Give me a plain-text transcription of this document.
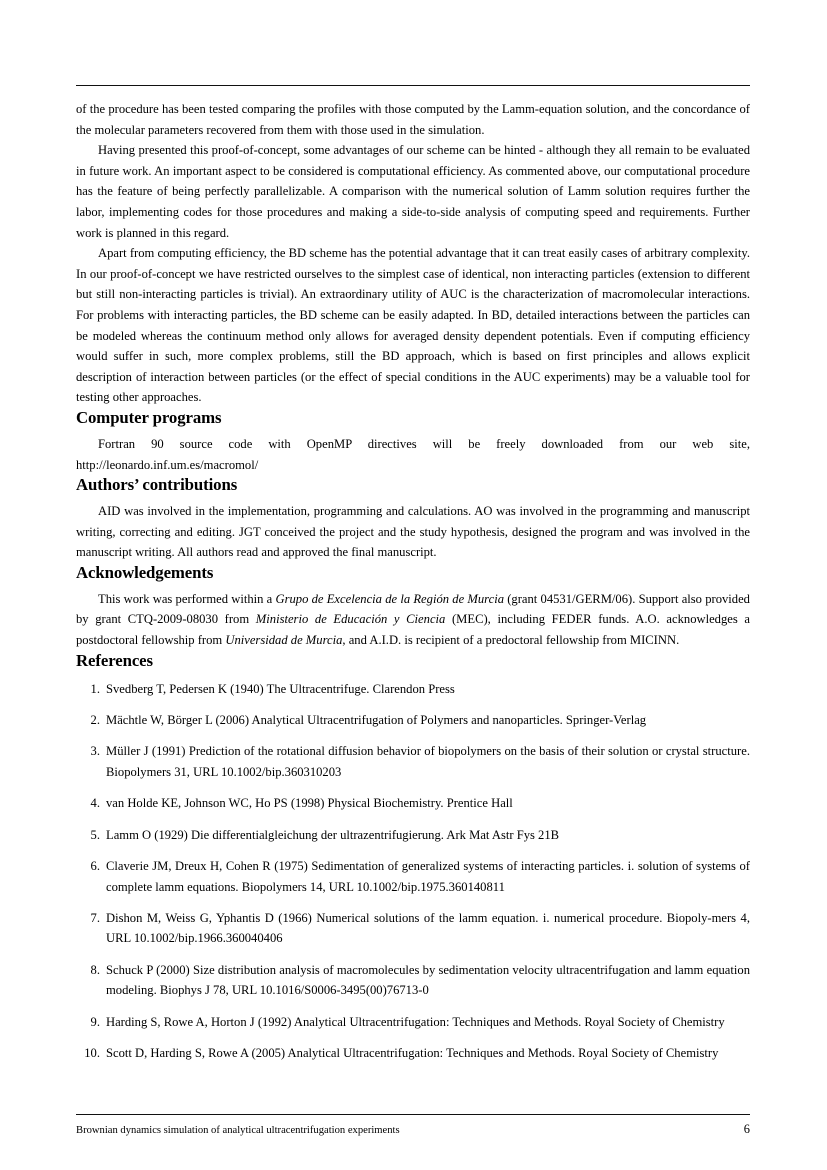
of the procedure has been tested comparing the profiles with those computed by the Lamm-equation solution, and the concordance of the molecular parameters recovered from them with those used in the simulation.

Having presented this proof-of-concept, some advantages of our scheme can be hinted - although they all remain to be evaluated in future work. An important aspect to be considered is computational efficiency. As commented above, our computational procedure has the feature of being perfectly parallelizable. A comparison with the numerical solution of Lamm solution requires further the labor, implementing codes for those procedures and making a side-to-side analysis of computing speed and requirements. Further work is planned in this regard.

Apart from computing efficiency, the BD scheme has the potential advantage that it can treat easily cases of arbitrary complexity. In our proof-of-concept we have restricted ourselves to the simplest case of identical, non interacting particles (extension to different but still non-interacting particles is trivial). An extraordinary utility of AUC is the characterization of macromolecular interactions. For problems with interacting particles, the BD scheme can be easily adapted. In BD, detailed interactions between the particles can be modeled whereas the continuum method only allows for averaged density dependent potentials. Even if computing efficiency would suffer in such, more complex problems, still the BD approach, which is based on first principles and allows explicit description of interaction between particles (or the effect of special conditions in the AUC experiments) may be a valuable tool for testing other approaches.

Computer programs

Fortran 90 source code with OpenMP directives will be freely downloaded from our web site, http://leonardo.inf.um.es/macromol/

Authors’ contributions

AID was involved in the implementation, programming and calculations. AO was involved in the programming and manuscript writing, correcting and editing. JGT conceived the project and the study hypothesis, designed the program and was involved in the manuscript writing. All authors read and approved the final manuscript.

Acknowledgements

This work was performed within a Grupo de Excelencia de la Región de Murcia (grant 04531/GERM/06). Support also provided by grant CTQ-2009-08030 from Ministerio de Educación y Ciencia (MEC), including FEDER funds. A.O. acknowledges a postdoctoral fellowship from Universidad de Murcia, and A.I.D. is recipient of a predoctoral fellowship from MICINN.

References
1. Svedberg T, Pedersen K (1940) The Ultracentrifuge. Clarendon Press
2. Mächtle W, Börger L (2006) Analytical Ultracentrifugation of Polymers and nanoparticles. Springer-Verlag
3. Müller J (1991) Prediction of the rotational diffusion behavior of biopolymers on the basis of their solution or crystal structure. Biopolymers 31, URL 10.1002/bip.360310203
4. van Holde KE, Johnson WC, Ho PS (1998) Physical Biochemistry. Prentice Hall
5. Lamm O (1929) Die differentialgleichung der ultrazentrifugierung. Ark Mat Astr Fys 21B
6. Claverie JM, Dreux H, Cohen R (1975) Sedimentation of generalized systems of interacting particles. i. solution of systems of complete lamm equations. Biopolymers 14, URL 10.1002/bip.1975.360140811
7. Dishon M, Weiss G, Yphantis D (1966) Numerical solutions of the lamm equation. i. numerical procedure. Biopoly-mers 4, URL 10.1002/bip.1966.360040406
8. Schuck P (2000) Size distribution analysis of macromolecules by sedimentation velocity ultracentrifugation and lamm equation modeling. Biophys J 78, URL 10.1016/S0006-3495(00)76713-0
9. Harding S, Rowe A, Horton J (1992) Analytical Ultracentrifugation: Techniques and Methods. Royal Society of Chemistry
10. Scott D, Harding S, Rowe A (2005) Analytical Ultracentrifugation: Techniques and Methods. Royal Society of Chemistry
Brownian dynamics simulation of analytical ultracentrifugation experiments	6
